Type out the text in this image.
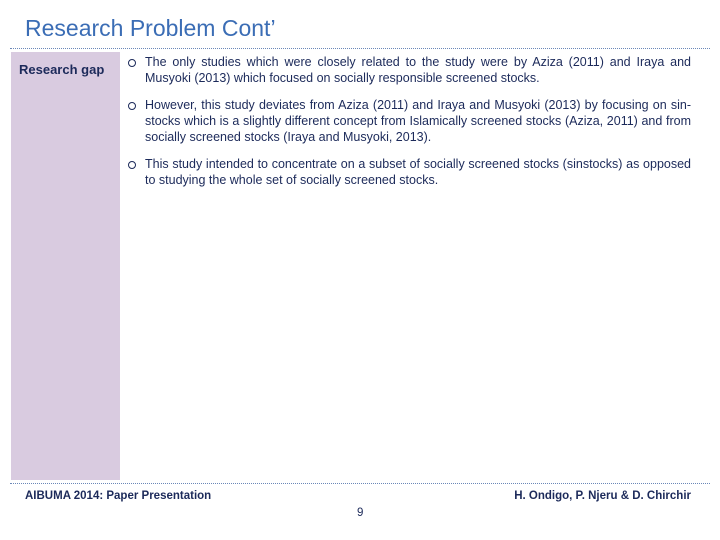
Research Problem Cont’
Research gap	The only studies which were closely related to the study were by Aziza (2011) and Iraya and Musyoki (2013) which focused on socially responsible screened stocks.
However, this study deviates from Aziza (2011) and Iraya and Musyoki (2013) by focusing on sin-stocks which is a slightly different concept from Islamically screened stocks (Aziza, 2011) and from socially screened stocks (Iraya and Musyoki, 2013).
This study intended to concentrate on a subset of socially screened stocks (sinstocks) as opposed to studying the whole set of socially screened stocks.
AIBUMA 2014: Paper Presentation	H. Ondigo, P. Njeru & D. Chirchir
9
